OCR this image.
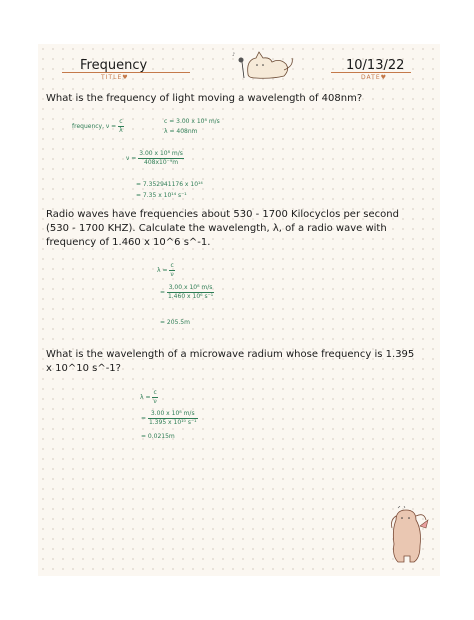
Frequency
TITLE♥
10/13/22
DATE♥
♪
What is the frequency of light moving a wavelength of 408nm?
frequency, $\nu = \frac{c}{\lambda}$	c = 3.00 x 10⁸ m/s
λ = 408nm
$\nu = \frac{\text{3.00 x 10⁸ m/s}}{\text{408x10⁻⁹m}}$
= 7.352941176 x 10¹⁴
= 7.35 x 10¹⁴ s⁻¹
Radio waves have frequencies about 530 - 1700 Kilocyclos per second (530 - 1700 KHZ). Calculate the wavelength, λ, of a radio wave with frequency of 1.460 x 10^6 s^-1.
$\lambda = \frac{c}{\nu}$
= $\frac{\text{3.00 x 10⁸ m/s}}{\text{1.460 x 10⁶ s⁻¹}}$
= 205.5m
What is the wavelength of a microwave radium whose frequency is 1.395 x 10^10 s^-1?
$\lambda = \frac{c}{\nu}$
= $\frac{\text{3.00 x 10⁸ m/s}}{\text{1.395 x 10¹⁰ s⁻¹}}$
= 0.0215m
